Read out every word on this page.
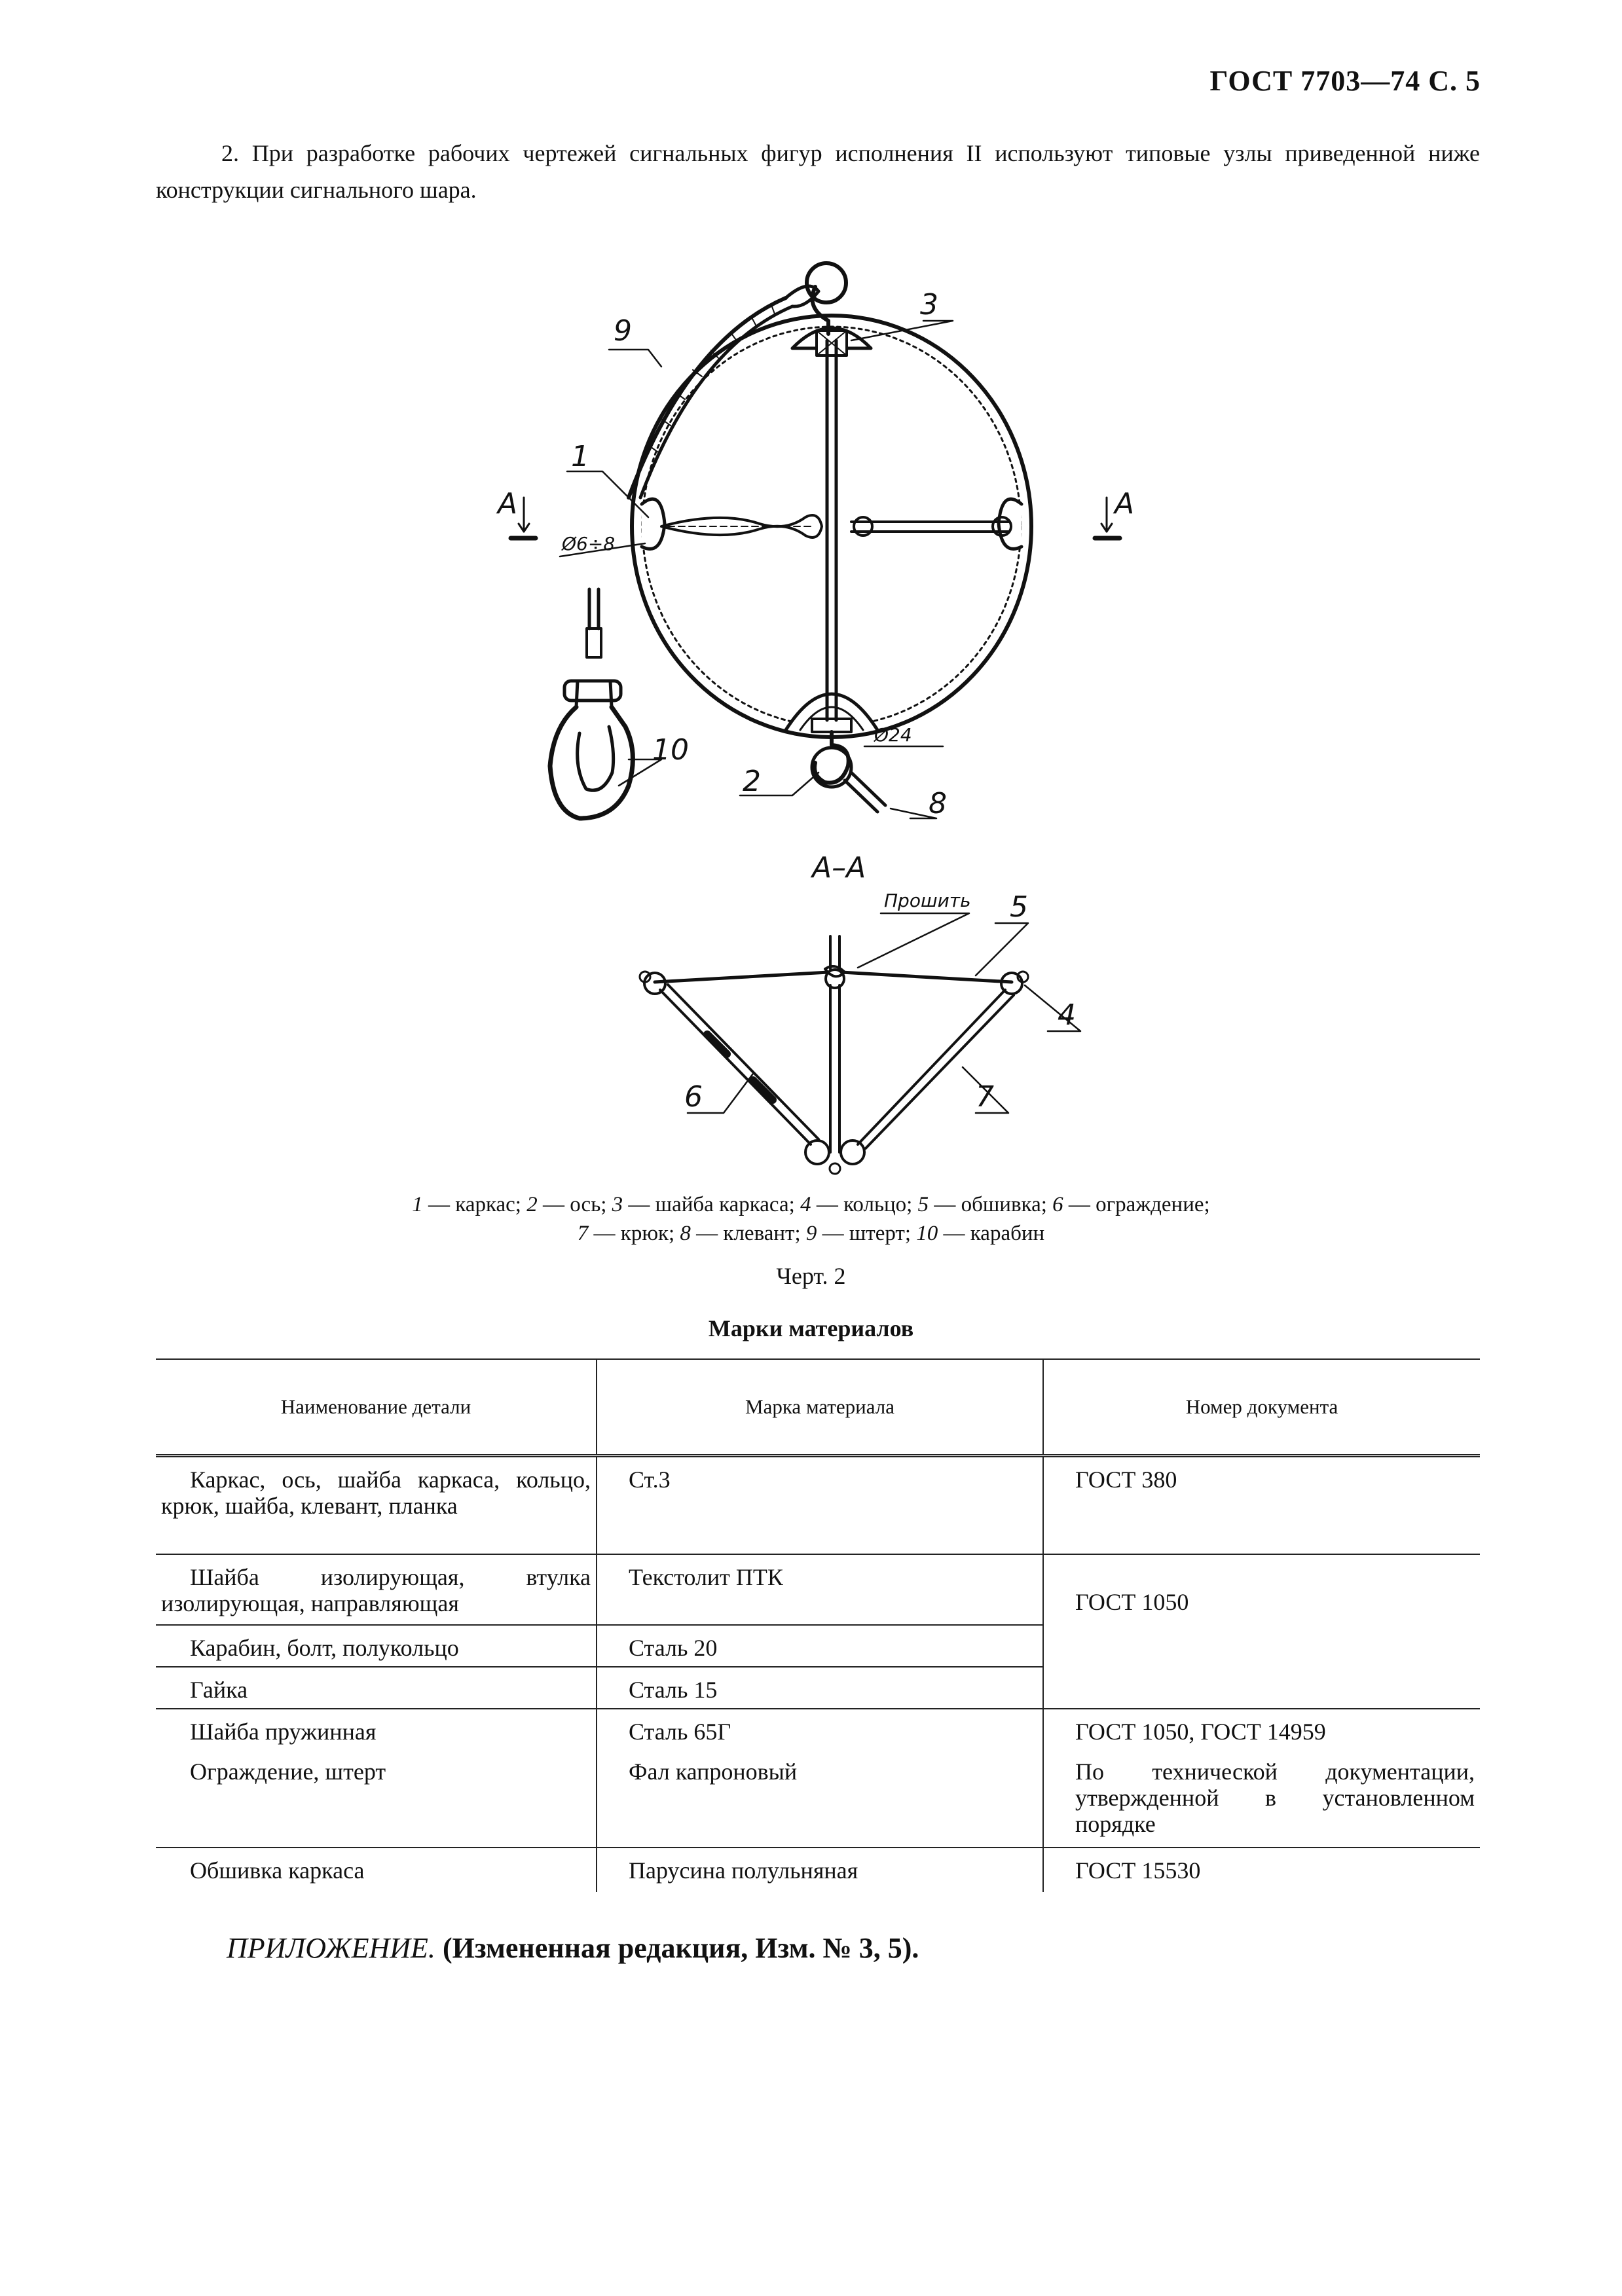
ГОСТ 7703—74 С. 5

2. При разработке рабочих чертежей сигнальных фигур исполнения II используют типовые узлы приведенной ниже конструкции сигнального шара.

9
1
3
A	A
10
2
8
A–A
5
4
6	7
Ø6÷8
Ø24
Прошить
1 — каркас; 2 — ось; 3 — шайба каркаса; 4 — кольцо; 5 — обшивка; 6 — ограждение;
7 — крюк; 8 — клевант; 9 — штерт; 10 — карабин
Черт. 2
Марки материалов
Наименование детали	Марка материала	Номер документа

Каркас, ось, шайба каркаса, кольцо, крюк, шайба, клевант, планка	Ст.3	ГОСТ 380

Шайба изолирующая, втулка изолирующая, направляющая	Текстолит ПТК	ГОСТ 1050

Карабин, болт, полукольцо	Сталь 20	

Гайка	Сталь 15	

Шайба пружинная	Сталь 65Г	ГОСТ 1050, ГОСТ 14959

Ограждение, штерт	Фал капроновый	По технической документации, утвержденной в установленном порядке

Обшивка каркаса	Парусина полульняная	ГОСТ 15530
ПРИЛОЖЕНИЕ. (Измененная редакция, Изм. № 3, 5).
